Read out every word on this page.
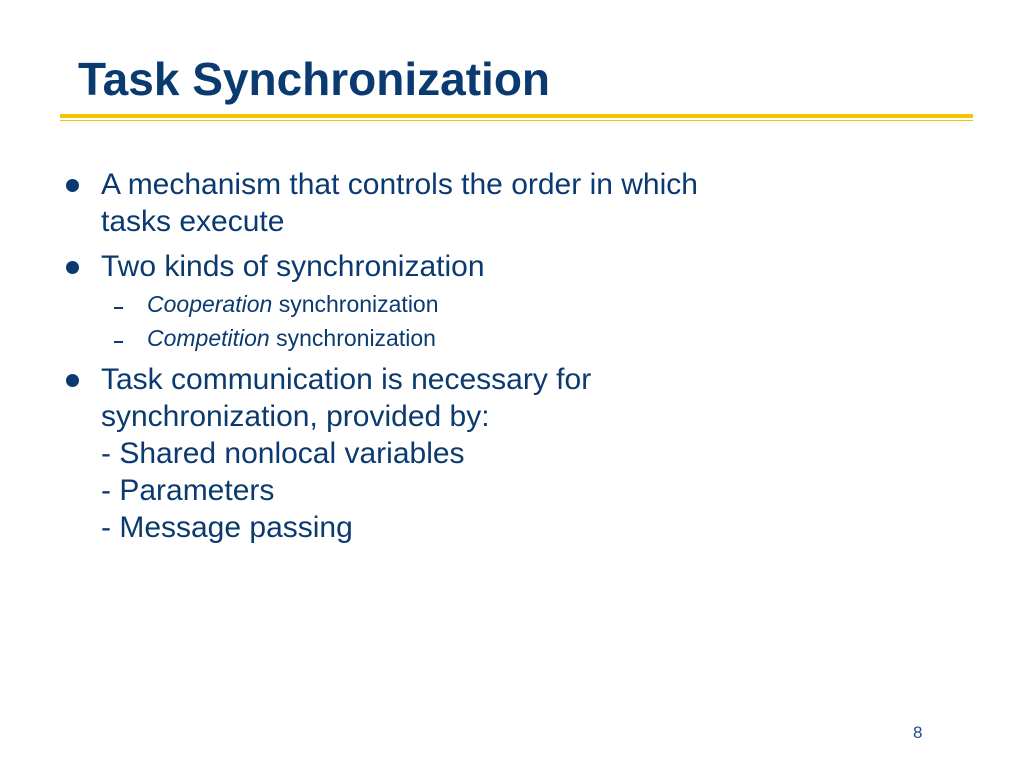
Task Synchronization
A mechanism that controls the order in which
tasks execute
Two kinds of synchronization
Cooperation synchronization
Competition synchronization
Task communication is necessary for
synchronization, provided by:
- Shared nonlocal variables
- Parameters
- Message passing
8
